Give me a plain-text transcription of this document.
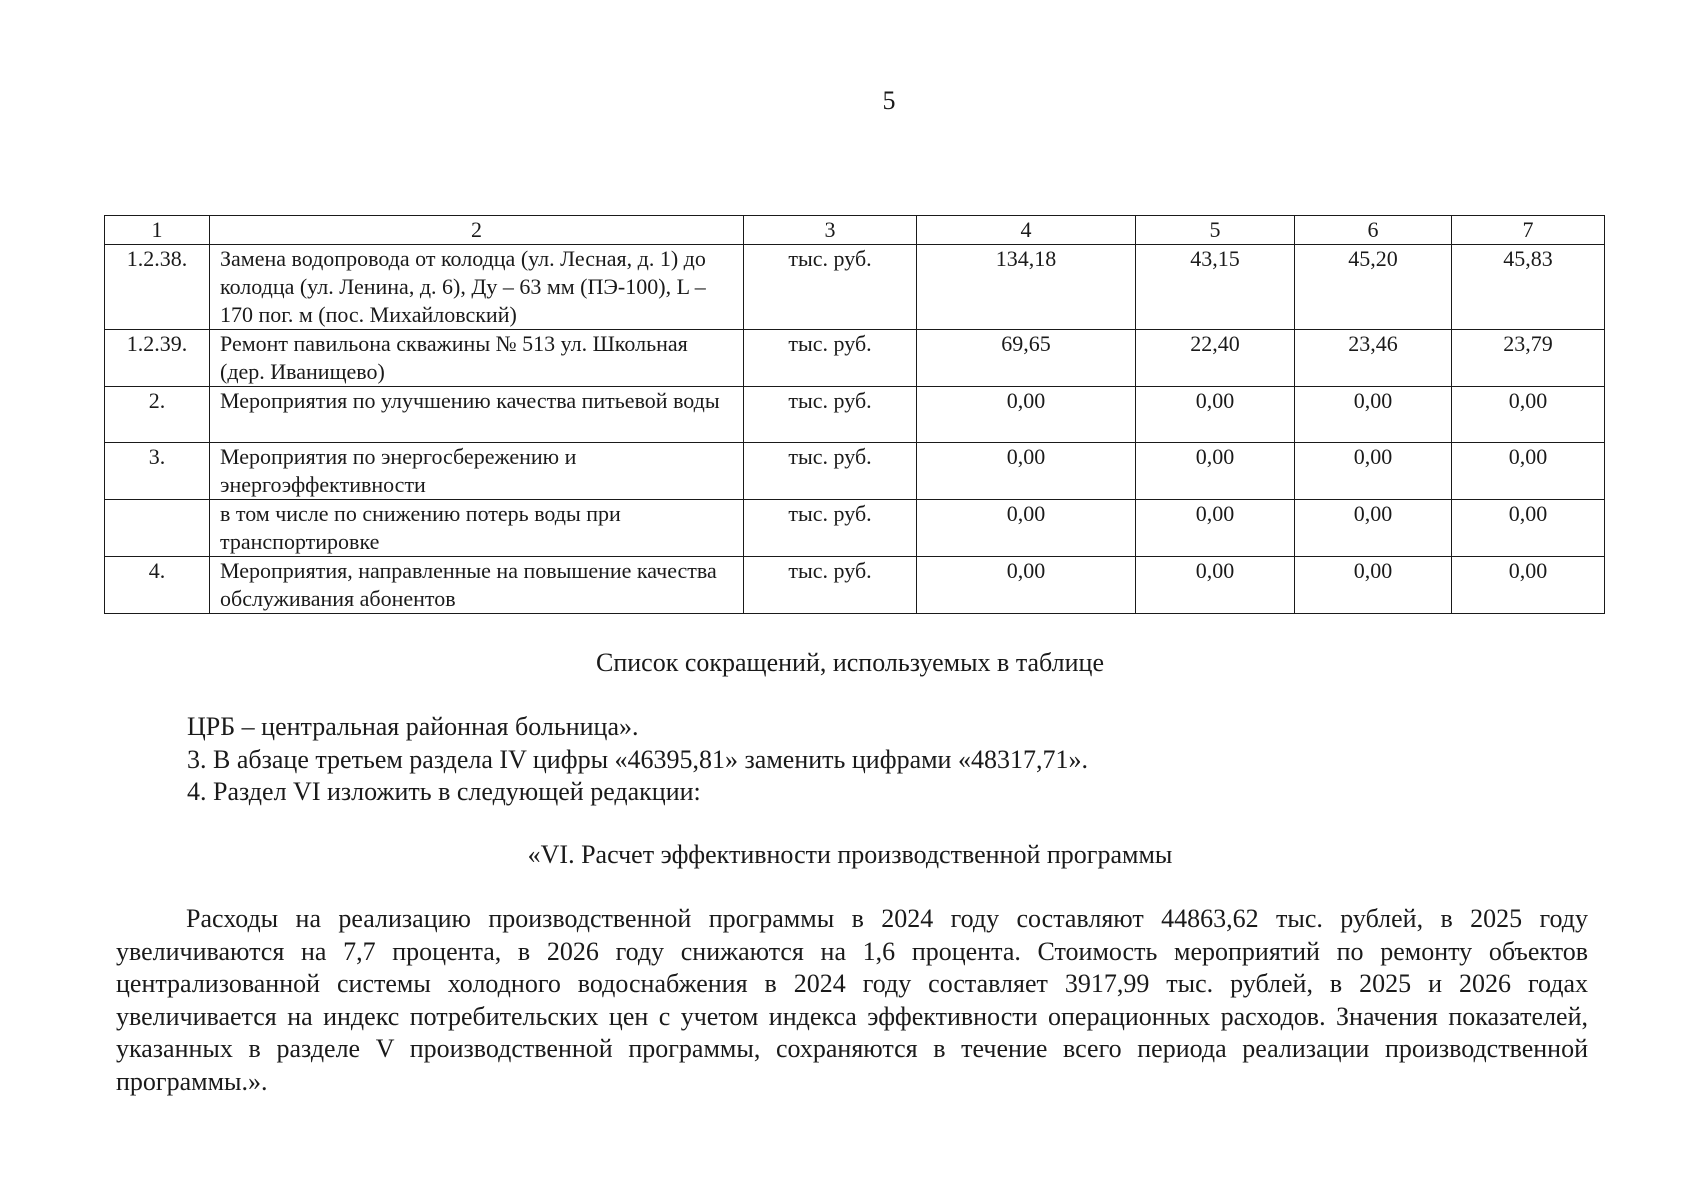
5
1	2	3	4	5	6	7
1.2.38.	Замена водопровода от колодца (ул. Лесная, д. 1) до колодца (ул. Ленина, д. 6), Ду – 63 мм (ПЭ-100), L – 170 пог. м (пос. Михайловский)	тыс. руб.	134,18	43,15	45,20	45,83
1.2.39.	Ремонт павильона скважины № 513 ул. Школьная (дер. Иванищево)	тыс. руб.	69,65	22,40	23,46	23,79
2.	Мероприятия по улучшению качества питьевой воды	тыс. руб.	0,00	0,00	0,00	0,00
3.	Мероприятия по энергосбережению и энергоэффективности	тыс. руб.	0,00	0,00	0,00	0,00
	в том числе по снижению потерь воды при транспортировке	тыс. руб.	0,00	0,00	0,00	0,00
4.	Мероприятия, направленные на повышение качества обслуживания абонентов	тыс. руб.	0,00	0,00	0,00	0,00
Список сокращений, используемых в таблице
ЦРБ – центральная районная больница».
3. В абзаце третьем раздела IV цифры «46395,81» заменить цифрами «48317,71».
4. Раздел VI изложить в следующей редакции:
«VI. Расчет эффективности производственной программы

Расходы на реализацию производственной программы в 2024 году составляют 44863,62 тыс. рублей, в 2025 году увеличиваются на 7,7 процента, в 2026 году снижаются на 1,6 процента. Стоимость мероприятий по ремонту объектов централизованной системы холодного водоснабжения в 2024 году составляет 3917,99 тыс. рублей, в 2025 и 2026 годах увеличивается на индекс потребительских цен с учетом индекса эффективности операционных расходов. Значения показателей, указанных в разделе V производственной программы, сохраняются в течение всего периода реализации производственной программы.».
